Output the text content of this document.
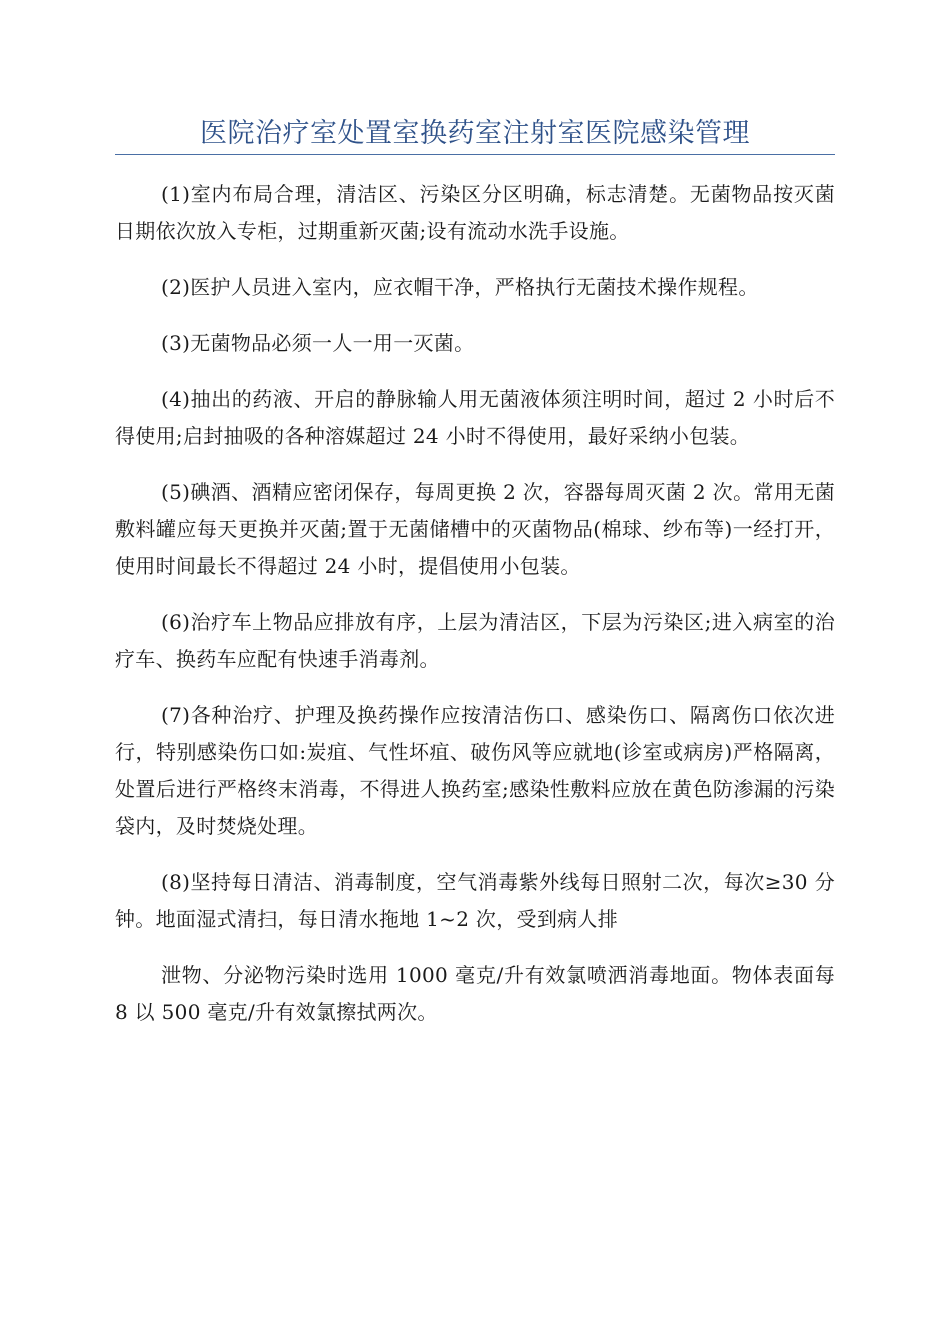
医院治疗室处置室换药室注射室医院感染管理

(1)室内布局合理，清洁区、污染区分区明确，标志清楚。无菌物品按灭菌日期依次放入专柜，过期重新灭菌;设有流动水洗手设施。

(2)医护人员进入室内，应衣帽干净，严格执行无菌技术操作规程。

(3)无菌物品必须一人一用一灭菌。

(4)抽出的药液、开启的静脉输人用无菌液体须注明时间，超过 2 小时后不得使用;启封抽吸的各种溶媒超过 24 小时不得使用，最好采纳小包装。

(5)碘酒、酒精应密闭保存，每周更换 2 次，容器每周灭菌 2 次。常用无菌敷料罐应每天更换并灭菌;置于无菌储槽中的灭菌物品(棉球、纱布等)一经打开，使用时间最长不得超过 24 小时，提倡使用小包装。

(6)治疗车上物品应排放有序，上层为清洁区，下层为污染区;进入病室的治疗车、换药车应配有快速手消毒剂。

(7)各种治疗、护理及换药操作应按清洁伤口、感染伤口、隔离伤口依次进行，特别感染伤口如:炭疽、气性坏疽、破伤风等应就地(诊室或病房)严格隔离，处置后进行严格终末消毒，不得进人换药室;感染性敷料应放在黄色防渗漏的污染袋内，及时焚烧处理。

(8)坚持每日清洁、消毒制度，空气消毒紫外线每日照射二次，每次≥30 分钟。地面湿式清扫，每日清水拖地 1~2 次，受到病人排

泄物、分泌物污染时选用 1000 毫克/升有效氯喷洒消毒地面。物体表面每 8 以 500 毫克/升有效氯擦拭两次。
